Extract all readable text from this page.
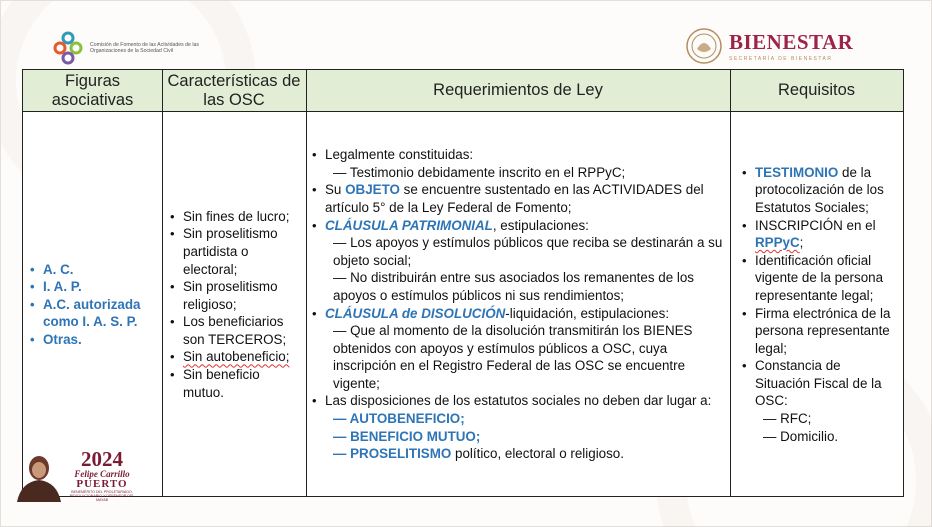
Comisión de Fomento de las Actividades de las Organizaciones de la Sociedad Civil	BIENESTAR
SECRETARÍA DE BIENESTAR
Figuras asociativas
Características de las OSC
Requerimientos de Ley	Requisitos
• A. C.
• I. A. P.
• A.C. autorizada como I. A. S. P.
• Otras.
• Sin fines de lucro;
• Sin proselitismo partidista o electoral;
• Sin proselitismo religioso;
• Los beneficiarios son TERCEROS;
• Sin autobeneficio;
• Sin beneficio mutuo.
• Legalmente constituidas:
— Testimonio debidamente inscrito en el RPPyC;
• Su OBJETO se encuentre sustentado en las ACTIVIDADES del artículo 5° de la Ley Federal de Fomento;
• CLÁUSULA PATRIMONIAL, estipulaciones:
— Los apoyos y estímulos públicos que reciba se destinarán a su objeto social;
— No distribuirán entre sus asociados los remanentes de los apoyos o estímulos públicos ni sus rendimientos;
• CLÁUSULA de DISOLUCIÓN-liquidación, estipulaciones:
— Que al momento de la disolución transmitirán los BIENES obtenidos con apoyos y estímulos públicos a OSC, cuya inscripción en el Registro Federal de las OSC se encuentre vigente;
• Las disposiciones de los estatutos sociales no deben dar lugar a:
— AUTOBENEFICIO;
— BENEFICIO MUTUO;
— PROSELITISMO político, electoral o religioso.
• TESTIMONIO de la protocolización de los Estatutos Sociales;
• INSCRIPCIÓN en el RPPyC;
• Identificación oficial vigente de la persona representante legal;
• Firma electrónica de la persona representante legal;
• Constancia de Situación Fiscal de la OSC:
— RFC;
— Domicilio.
2024
Felipe Carrillo
PUERTO
BENEMÉRITO DEL PROLETARIADO, REVOLUCIONARIO Y DEFENSOR DEL MAYAB
